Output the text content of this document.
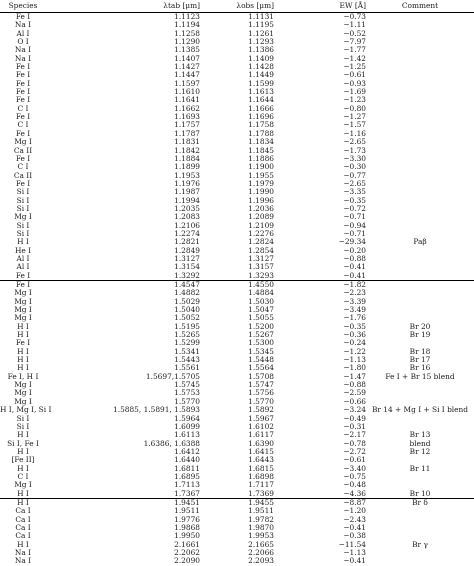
Species	λtab [μm]	λobs [μm]	EW [Å]	Comment
Fe I	1.1123	1.1131	−0.73	
Na I	1.1194	1.1195	−1.11	
Al I	1.1258	1.1261	−0.52	
O I	1.1290	1.1293	−7.97	
Na I	1.1385	1.1386	−1.77	
Na I	1.1407	1.1409	−1.42	
Fe I	1.1427	1.1428	−1.25	
Fe I	1.1447	1.1449	−0.61	
Fe I	1.1597	1.1599	−0.93	
Fe I	1.1610	1.1613	−1.69	
Fe I	1.1641	1.1644	−1.23	
C I	1.1662	1.1666	−0.80	
Fe I	1.1693	1.1696	−1.27	
C I	1.1757	1.1758	−1.57	
Fe I	1.1787	1.1788	−1.16	
Mg I	1.1831	1.1834	−2.65	
Ca II	1.1842	1.1845	−1.73	
Fe I	1.1884	1.1886	−3.30	
C I	1.1899	1.1900	−0.30	
Ca II	1.1953	1.1955	−0.77	
Fe I	1.1976	1.1979	−2.65	
Si I	1.1987	1.1990	−3.35	
Si I	1.1994	1.1996	−0.35	
Si I	1.2035	1.2036	−0.72	
Mg I	1.2083	1.2089	−0.71	
Si I	1.2106	1.2109	−0.94	
Si I	1.2274	1.2276	−0.71	
H I	1.2821	1.2824	−29.34	Paβ
He I	1.2849	1.2854	−0.20	
Al I	1.3127	1.3127	−0.88	
Al I	1.3154	1.3157	−0.41	
Fe I	1.3292	1.3293	−0.41	
Fe I	1.4547	1.4550	−1.82	
Mg I	1.4882	1.4884	−2.23	
Mg I	1.5029	1.5030	−3.39	
Mg I	1.5040	1.5047	−3.49	
Mg I	1.5052	1.5055	−1.76	
H I	1.5195	1.5200	−0.35	Br 20
H I	1.5265	1.5267	−0.36	Br 19
Fe I	1.5299	1.5300	−0.24	
H I	1.5341	1.5345	−1.22	Br 18
H I	1.5443	1.5448	−1.13	Br 17
H I	1.5561	1.5564	−1.80	Br 16
Fe I, H I	1.5697,1.5705	1.5708	−1.47	Fe I + Br 15 blend
Mg I	1.5745	1.5747	−0.88	
Mg I	1.5753	1.5756	−2.59	
Mg I	1.5770	1.5770	−0.66	
H I, Mg I, Si I	1.5885, 1.5891, 1.5893	1.5892	−3.24	Br 14 + Mg I + Si I blend
Si I	1.5964	1.5967	−0.49	
Si I	1.6099	1.6102	−0.31	
H I	1.6113	1.6117	−2.17	Br 13
Si I, Fe I	1.6386, 1.6388	1.6390	−0.78	blend
H I	1.6412	1.6415	−2.72	Br 12
[Fe II]	1.6440	1.6443	−0.61	
H I	1.6811	1.6815	−3.40	Br 11
C I	1.6895	1.6898	−0.75	
Mg I	1.7113	1.7117	−0.48	
H I	1.7367	1.7369	−4.36	Br 10
H I	1.9451	1.9455	−8.87	Br δ
Ca I	1.9511	1.9511	−1.20	
Ca I	1.9776	1.9782	−2.43	
Ca I	1.9868	1.9870	−0.41	
Ca I	1.9950	1.9953	−0.38	
H I	2.1661	2.1665	−11.54	Br γ
Na I	2.2062	2.2066	−1.13	
Na I	2.2090	2.2093	−0.41	
